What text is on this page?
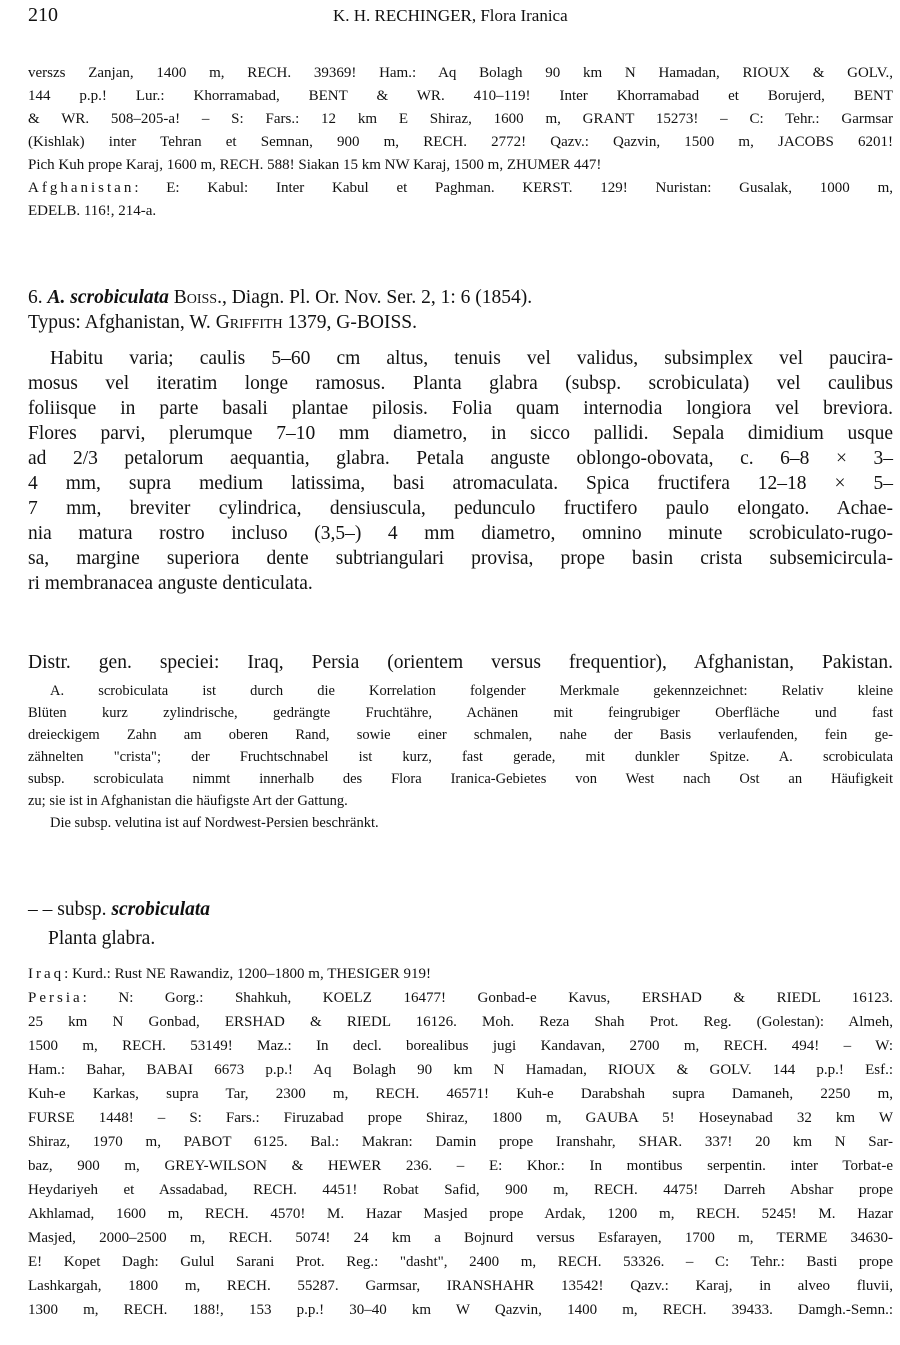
210	K. H. RECHINGER, Flora Iranica
verszs Zanjan, 1400 m, RECH. 39369! Ham.: Aq Bolagh 90 km N Hamadan, RIOUX & GOLV.,
144 p.p.! Lur.: Khorramabad, BENT & WR. 410–119! Inter Khorramabad et Borujerd, BENT
& WR. 508–205-a! – S: Fars.: 12 km E Shiraz, 1600 m, GRANT 15273! – C: Tehr.: Garmsar
(Kishlak) inter Tehran et Semnan, 900 m, RECH. 2772! Qazv.: Qazvin, 1500 m, JACOBS 6201!
Pich Kuh prope Karaj, 1600 m, RECH. 588! Siakan 15 km NW Karaj, 1500 m, ZHUMER 447!
Afghanistan: E: Kabul: Inter Kabul et Paghman. KERST. 129! Nuristan: Gusalak, 1000 m,
EDELB. 116!, 214-a.
6. A. scrobiculata Boiss., Diagn. Pl. Or. Nov. Ser. 2, 1: 6 (1854).
Typus: Afghanistan, W. Griffith 1379, G-BOISS.
Habitu varia; caulis 5–60 cm altus, tenuis vel validus, subsimplex vel paucira-
mosus vel iteratim longe ramosus. Planta glabra (subsp. scrobiculata) vel caulibus
foliisque in parte basali plantae pilosis. Folia quam internodia longiora vel breviora.
Flores parvi, plerumque 7–10 mm diametro, in sicco pallidi. Sepala dimidium usque
ad 2/3 petalorum aequantia, glabra. Petala anguste oblongo-obovata, c. 6–8 × 3–
4 mm, supra medium latissima, basi atromaculata. Spica fructifera 12–18 × 5–
7 mm, breviter cylindrica, densiuscula, pedunculo fructifero paulo elongato. Achae-
nia matura rostro incluso (3,5–) 4 mm diametro, omnino minute scrobiculato-rugo-
sa, margine superiora dente subtriangulari provisa, prope basin crista subsemicircula-
ri membranacea anguste denticulata.
Distr. gen. speciei: Iraq, Persia (orientem versus frequentior), Afghanistan, Pakistan.
A. scrobiculata ist durch die Korrelation folgender Merkmale gekennzeichnet: Relativ kleine
Blüten kurz zylindrische, gedrängte Fruchtähre, Achänen mit feingrubiger Oberfläche und fast
dreieckigem Zahn am oberen Rand, sowie einer schmalen, nahe der Basis verlaufenden, fein ge-
zähnelten "crista"; der Fruchtschnabel ist kurz, fast gerade, mit dunkler Spitze. A. scrobiculata
subsp. scrobiculata nimmt innerhalb des Flora Iranica-Gebietes von West nach Ost an Häufigkeit
zu; sie ist in Afghanistan die häufigste Art der Gattung.
Die subsp. velutina ist auf Nordwest-Persien beschränkt.
– – subsp. scrobiculata
Planta glabra.
Iraq: Kurd.: Rust NE Rawandiz, 1200–1800 m, THESIGER 919!
Persia: N: Gorg.: Shahkuh, KOELZ 16477! Gonbad-e Kavus, ERSHAD & RIEDL 16123.
25 km N Gonbad, ERSHAD & RIEDL 16126. Moh. Reza Shah Prot. Reg. (Golestan): Almeh,
1500 m, RECH. 53149! Maz.: In decl. borealibus jugi Kandavan, 2700 m, RECH. 494! – W:
Ham.: Bahar, BABAI 6673 p.p.! Aq Bolagh 90 km N Hamadan, RIOUX & GOLV. 144 p.p.! Esf.:
Kuh-e Karkas, supra Tar, 2300 m, RECH. 46571! Kuh-e Darabshah supra Damaneh, 2250 m,
FURSE 1448! – S: Fars.: Firuzabad prope Shiraz, 1800 m, GAUBA 5! Hoseynabad 32 km W
Shiraz, 1970 m, PABOT 6125. Bal.: Makran: Damin prope Iranshahr, SHAR. 337! 20 km N Sar-
baz, 900 m, GREY-WILSON & HEWER 236. – E: Khor.: In montibus serpentin. inter Torbat-e
Heydariyeh et Assadabad, RECH. 4451! Robat Safid, 900 m, RECH. 4475! Darreh Abshar prope
Akhlamad, 1600 m, RECH. 4570! M. Hazar Masjed prope Ardak, 1200 m, RECH. 5245! M. Hazar
Masjed, 2000–2500 m, RECH. 5074! 24 km a Bojnurd versus Esfarayen, 1700 m, TERME 34630-
E! Kopet Dagh: Gulul Sarani Prot. Reg.: "dasht", 2400 m, RECH. 53326. – C: Tehr.: Basti prope
Lashkargah, 1800 m, RECH. 55287. Garmsar, IRANSHAHR 13542! Qazv.: Karaj, in alveo fluvii,
1300 m, RECH. 188!, 153 p.p.! 30–40 km W Qazvin, 1400 m, RECH. 39433. Damgh.-Semn.:
